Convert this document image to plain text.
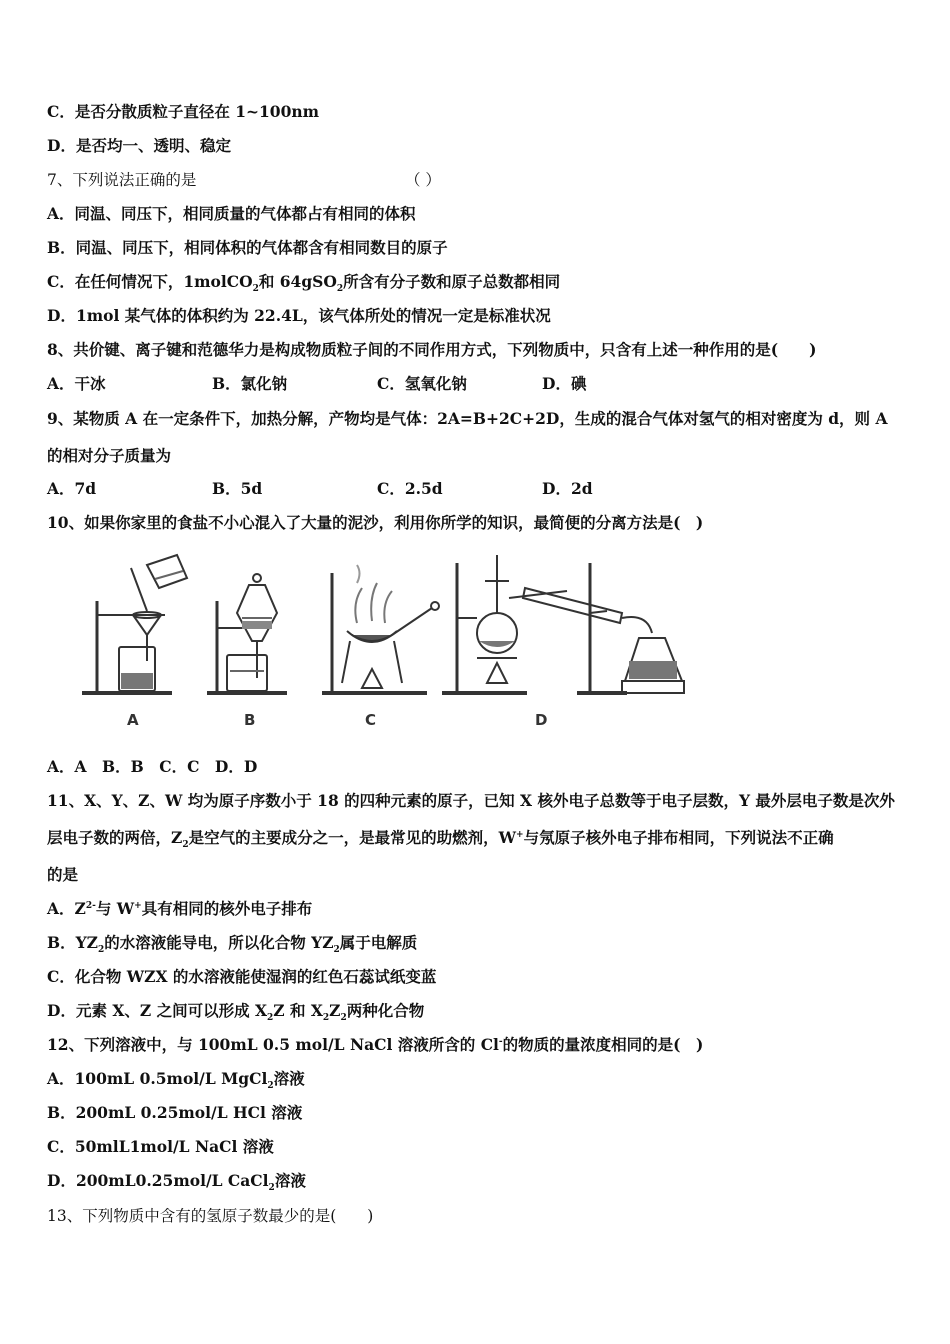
C．是否分散质粒子直径在 1~100nm
D．是否均一、透明、稳定
7、下列说法正确的是	（ ）
A．同温、同压下，相同质量的气体都占有相同的体积
B．同温、同压下，相同体积的气体都含有相同数目的原子
C．在任何情况下，1molCO$_2$和 64gSO$_2$所含有分子数和原子总数都相同
D．1mol 某气体的体积约为 22.4L，该气体所处的情况一定是标准状况
8、共价键、离子键和范德华力是构成物质粒子间的不同作用方式，下列物质中，只含有上述一种作用的是(　　)
A．干冰	B．氯化钠	C．氢氧化钠	D．碘
9、某物质 A 在一定条件下，加热分解，产物均是气体：2A=B+2C+2D，生成的混合气体对氢气的相对密度为 d，则 A
的相对分子质量为
A．7d	B．5d	C．2.5d	D．2d
10、如果你家里的食盐不小心混入了大量的泥沙，利用你所学的知识，最简便的分离方法是(　)
A	B	C	D
A．A　B．B　C．C　D．D
11、X、Y、Z、W 均为原子序数小于 18 的四种元素的原子，已知 X 核外电子总数等于电子层数，Y 最外层电子数是次外
层电子数的两倍，$Z_2$是空气的主要成分之一，是最常见的助燃剂，W+与氖原子核外电子排布相同，下列说法不正确
的是
A．$Z^{2-}$与 W+具有相同的核外电子排布
B．$YZ_2$的水溶液能导电，所以化合物 $YZ_2$属于电解质
C．化合物 WZX 的水溶液能使湿润的红色石蕊试纸变蓝
D．元素 X、Z 之间可以形成 $X_2Z$ 和 $X_2Z_2$两种化合物
12、下列溶液中，与 100mL 0.5 mol/L NaCl 溶液所含的 Cl-的物质的量浓度相同的是(　)
A．100mL 0.5mol/L MgCl$_2$溶液
B．200mL 0.25mol/L HCl 溶液
C．50mlL1mol/L NaCl 溶液
D．200mL0.25mol/L CaCl$_2$溶液
13、下列物质中含有的氢原子数最少的是(　　)
